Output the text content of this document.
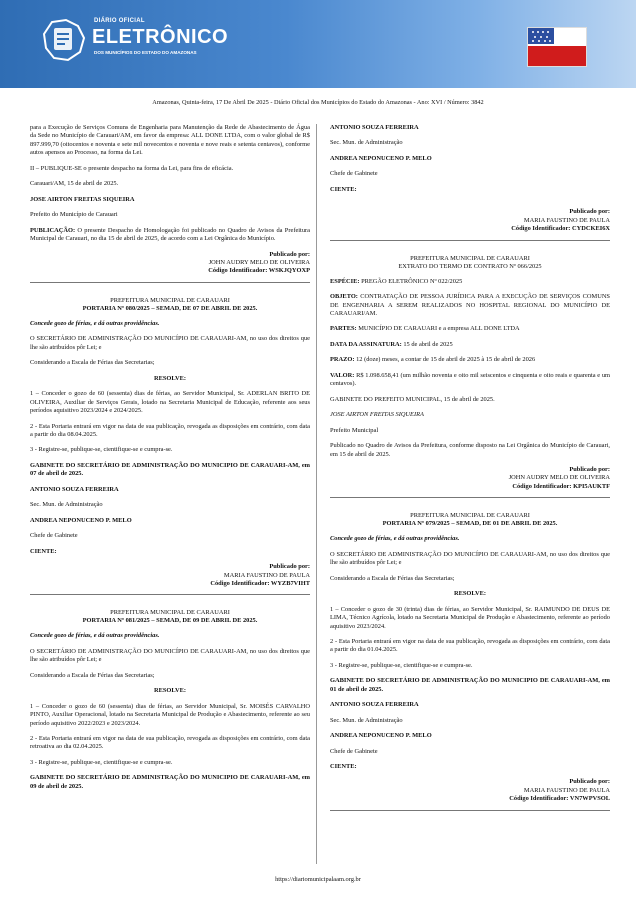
DIÁRIO OFICIAL
ELETRÔNICO
DOS MUNICÍPIOS DO ESTADO DO AMAZONAS
Amazonas, Quinta-feira, 17 De Abril De 2025 - Diário Oficial dos Municípios do Estado do Amazonas - Ano: XVI / Número: 3842

para a Execução de Serviços Comuns de Engenharia para Manutenção da Rede de Abastecimento de Água da Sede no Município de Carauari/AM, em favor da empresa: ALL DONE LTDA, com o valor global de R$ 897.999,70 (oitocentos e noventa e sete mil novecentos e noventa e nove reais e setenta centavos), conforme autos apensos ao Processo, na forma da Lei.

II – PUBLIQUE-SE o presente despacho na forma da Lei, para fins de eficácia.

Carauari/AM, 15 de abril de 2025.

JOSE AIRTON FREITAS SIQUEIRA

Prefeito do Município de Carauari

PUBLICAÇÃO: O presente Despacho de Homologação foi publicado no Quadro de Avisos da Prefeitura Municipal de Carauari, no dia 15 de abril de 2025, de acordo com a Lei Orgânica do Município.

Publicado por:

JOHN AUDRY MELO DE OLIVEIRA

Código Identificador: WSKJQYOXP

PREFEITURA MUNICIPAL DE CARAUARI

PORTARIA Nº 080/2025 – SEMAD, DE 07 DE ABRIL DE 2025.

Concede gozo de férias, e dá outras providências.

O SECRETÁRIO DE ADMINISTRAÇÃO DO MUNICÍPIO DE CARAUARI-AM, no uso dos direitos que lhe são atribuídos pôr Lei; e

Considerando a Escala de Férias das Secretarias;

RESOLVE:

1 – Conceder o gozo de 60 (sessenta) dias de férias, ao Servidor Municipal, Sr. ADERLAN BRITO DE OLIVEIRA, Auxiliar de Serviços Gerais, lotado na Secretaria Municipal de Educação, referente aos seus períodos aquisitivo 2023/2024 e 2024/2025.

2 - Esta Portaria entrará em vigor na data de sua publicação, revogada as disposições em contrário, com data a partir do dia 08.04.2025.

3 - Registre-se, publique-se, cientifique-se e cumpra-se.

GABINETE DO SECRETÁRIO DE ADMINISTRAÇÃO DO MUNICIPIO DE CARAUARI-AM, em 07 de abril de 2025.

ANTONIO SOUZA FERREIRA

Sec. Mun. de Administração

ANDREA NEPONUCENO P. MELO

Chefe de Gabinete

CIENTE:

Publicado por:

MARIA FAUSTINO DE PAULA

Código Identificador: WYZB7VIHT

PREFEITURA MUNICIPAL DE CARAUARI

PORTARIA Nº 081/2025 – SEMAD, DE 09 DE ABRIL DE 2025.

Concede gozo de férias, e dá outras providências.

O SECRETÁRIO DE ADMINISTRAÇÃO DO MUNICÍPIO DE CARAUARI-AM, no uso dos direitos que lhe são atribuídos pôr Lei; e

Considerando a Escala de Férias das Secretarias;

RESOLVE:

1 – Conceder o gozo de 60 (sessenta) dias de férias, ao Servidor Municipal, Sr. MOISÉS CARVALHO PINTO, Auxiliar Operacional, lotado na Secretaria Municipal de Produção e Abastecimento, referente ao seu período aquisitivo 2022/2023 e 2023/2024.

2 - Esta Portaria entrará em vigor na data de sua publicação, revogada as disposições em contrário, com data retroativa ao dia 02.04.2025.

3 - Registre-se, publique-se, cientifique-se e cumpra-se.

GABINETE DO SECRETÁRIO DE ADMINISTRAÇÃO DO MUNICIPIO DE CARAUARI-AM, em 09 de abril de 2025.

ANTONIO SOUZA FERREIRA

Sec. Mun. de Administração

ANDREA NEPONUCENO P. MELO

Chefe de Gabinete

CIENTE:

Publicado por:

MARIA FAUSTINO DE PAULA

Código Identificador: CYDCKEI6X

PREFEITURA MUNICIPAL DE CARAUARI

EXTRATO DO TERMO DE CONTRATO Nº 066/2025

ESPÉCIE: PREGÃO ELETRÔNICO Nº 022/2025

OBJETO: CONTRATAÇÃO DE PESSOA JURÍDICA PARA A EXECUÇÃO DE SERVIÇOS COMUNS DE ENGENHARIA A SEREM REALIZADOS NO HOSPITAL REGIONAL DO MUNICÍPIO DE CARAUARI/AM.

PARTES: MUNICÍPIO DE CARAUARI e a empresa ALL DONE LTDA

DATA DA ASSINATURA: 15 de abril de 2025

PRAZO: 12 (doze) meses, a contar de 15 de abril de 2025 à 15 de abril de 2026

VALOR: R$ 1.098.658,41 (um milhão noventa e oito mil seiscentos e cinquenta e oito reais e quarenta e um centavos).

GABINETE DO PREFEITO MUNICIPAL, 15 de abril de 2025.

JOSE AIRTON FREITAS SIQUEIRA

Prefeito Municipal

Publicado no Quadro de Avisos da Prefeitura, conforme disposto na Lei Orgânica do Município de Carauari, em 15 de abril de 2025.

Publicado por:

JOHN AUDRY MELO DE OLIVEIRA

Código Identificador: KPI5AUKTF

PREFEITURA MUNICIPAL DE CARAUARI

PORTARIA Nº 079/2025 – SEMAD, DE 01 DE ABRIL DE 2025.

Concede gozo de férias, e dá outras providências.

O SECRETÁRIO DE ADMINISTRAÇÃO DO MUNICÍPIO DE CARAUARI-AM, no uso dos direitos que lhe são atribuídos pôr Lei; e

Considerando a Escala de Férias das Secretarias;

RESOLVE:

1 – Conceder o gozo de 30 (trinta) dias de férias, ao Servidor Municipal, Sr. RAIMUNDO DE DEUS DE LIMA, Técnico Agrícola, lotado na Secretaria Municipal de Produção e Abastecimento, referente ao período aquisitivo 2023/2024.

2 - Esta Portaria entrará em vigor na data de sua publicação, revogada as disposições em contrário, com data a partir do dia 01.04.2025.

3 - Registre-se, publique-se, cientifique-se e cumpra-se.

GABINETE DO SECRETÁRIO DE ADMINISTRAÇÃO DO MUNICIPIO DE CARAUARI-AM, em 01 de abril de 2025.

ANTONIO SOUZA FERREIRA

Sec. Mun. de Administração

ANDREA NEPONUCENO P. MELO

Chefe de Gabinete

CIENTE:

Publicado por:

MARIA FAUSTINO DE PAULA

Código Identificador: VN7WPVSOL

https://diariomunicipalaam.org.br
